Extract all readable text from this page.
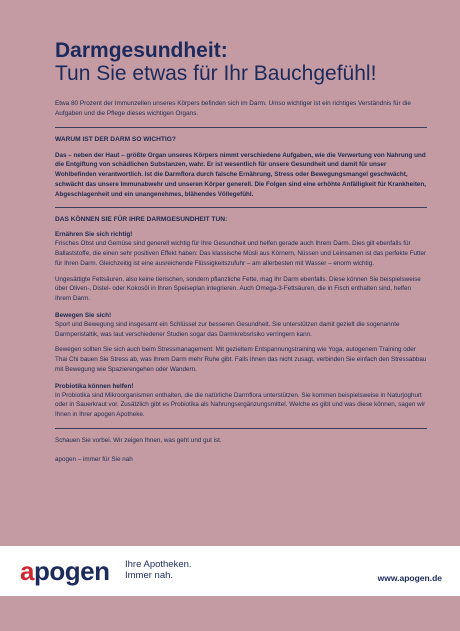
Darmgesundheit:
Tun Sie etwas für Ihr Bauchgefühl!

Etwa 80 Prozent der Immunzellen unseres Körpers befinden sich im Darm. Umso wichtiger ist ein richtiges Verständnis für die Aufgaben und die Pflege dieses wichtigen Organs.

WARUM IST DER DARM SO WICHTIG?

Das – neben der Haut – größte Organ unseres Körpers nimmt verschiedene Aufgaben, wie die Verwertung von Nahrung und die Entgiftung von schädlichen Substanzen, wahr. Er ist wesentlich für unsere Gesundheit und damit für unser Wohlbefinden verantwortlich. Ist die Darmflora durch falsche Ernährung, Stress oder Bewegungsmangel geschwächt, schwächt das unsere Immunabwehr und unseren Körper generell. Die Folgen sind eine erhöhte Anfälligkeit für Krankheiten, Abgeschlagenheit und ein unangenehmes, blähendes Völlegefühl.

DAS KÖNNEN SIE FÜR IHRE DARMGESUNDHEIT TUN:
Ernähren Sie sich richtig!

Frisches Obst und Gemüse sind generell wichtig für Ihre Gesundheit und helfen gerade auch Ihrem Darm. Dies gilt ebenfalls für Ballaststoffe, die einen sehr positiven Effekt haben: Das klassische Müsli aus Körnern, Nüssen und Leinsamen ist das perfekte Futter für Ihren Darm. Gleichzeitig ist eine ausreichende Flüssigkeitszufuhr – am allerbesten mit Wasser – enorm wichtig.

Ungesättigte Fettsäuren, also keine tierischen, sondern pflanzliche Fette, mag Ihr Darm ebenfalls. Diese können Sie beispielsweise über Oliven-, Distel- oder Kokosöl in Ihren Speiseplan integrieren. Auch Omega-3-Fettsäuren, die in Fisch enthalten sind, helfen Ihrem Darm.

Bewegen Sie sich!

Sport und Bewegung sind insgesamt ein Schlüssel zur besseren Gesundheit. Sie unterstützen damit gezielt die sogenannte Darmperistaltik, was laut verschiedener Studien sogar das Darmkrebsrisiko verringern kann.

Bewegen sollten Sie sich auch beim Stressmanagement: Mit gezieltem Entspannungstraining wie Yoga, autogenem Training oder Thai Chi bauen Sie Stress ab, was Ihrem Darm mehr Ruhe gibt. Falls Ihnen das nicht zusagt, verbinden Sie einfach den Stressabbau mit Bewegung wie Spazierengehen oder Wandern.

Probiotika können helfen!

In Probiotika sind Mikroorganismen enthalten, die die natürliche Darmflora unterstützen. Sie kommen beispielsweise in Naturjoghurt oder in Sauerkraut vor. Zusätzlich gibt es Probiotika als Nahrungsergänzungsmittel. Welche es gibt und was diese können, sagen wir Ihnen in Ihrer apogen Apotheke.

Schauen Sie vorbei. Wir zeigen Ihnen, was geht und gut ist.

apogen – immer für Sie nah

apogen Ihre Apotheken.
Immer nah.	www.apogen.de
